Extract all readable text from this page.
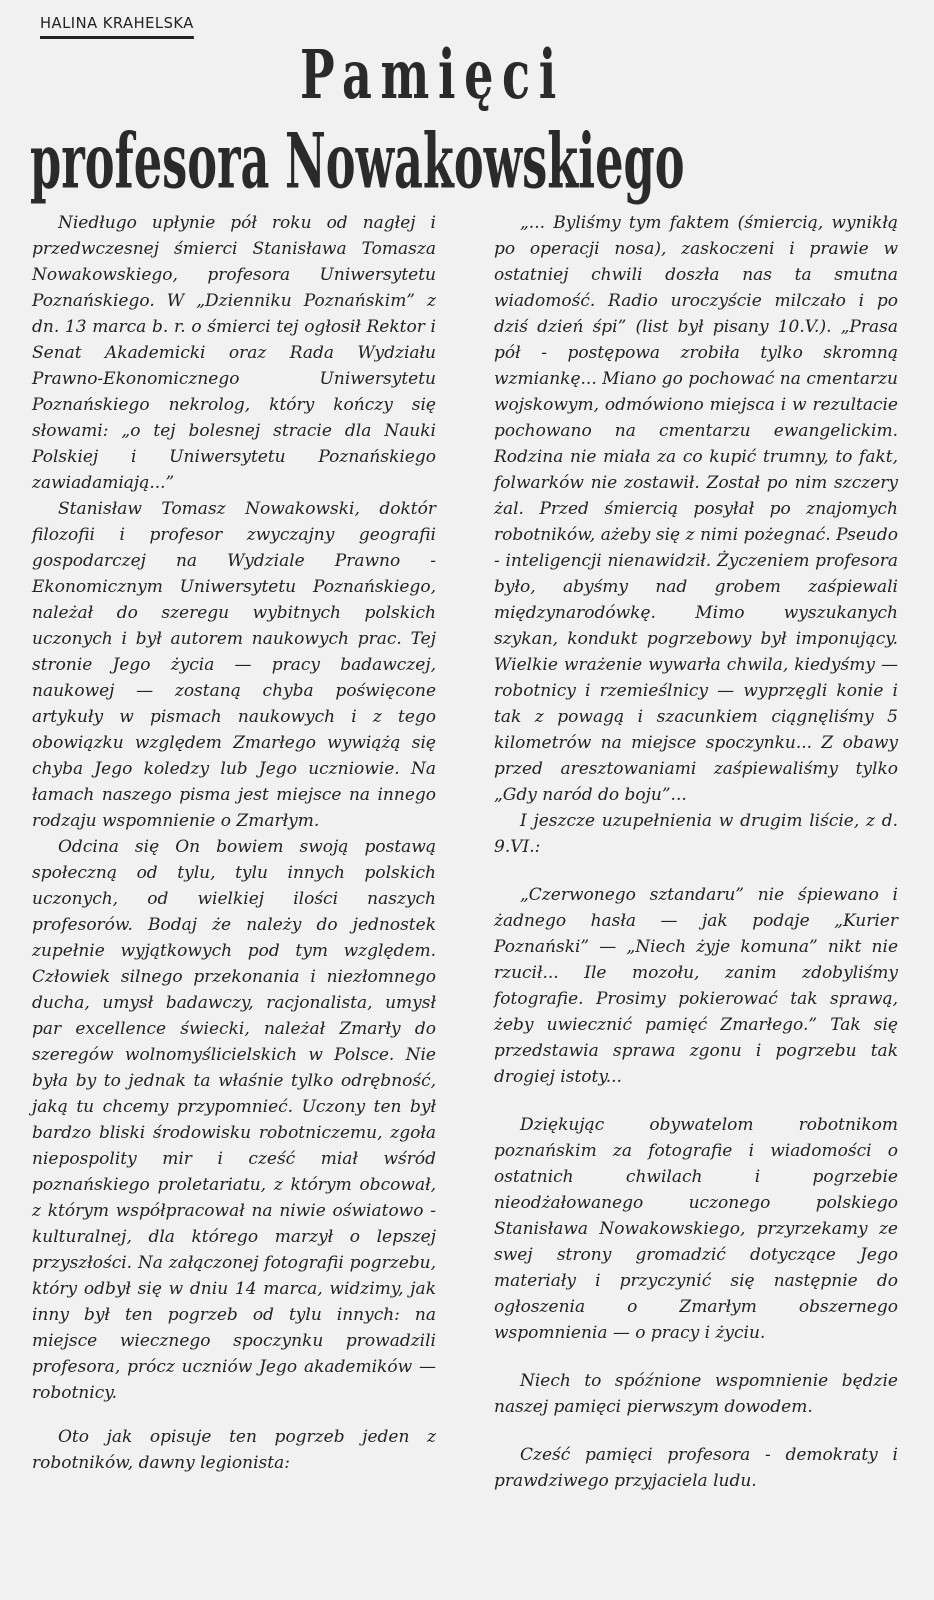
HALINA KRAHELSKA
Pamięci
profesora Nowakowskiego

Niedługo upłynie pół roku od nagłej i przedwczesnej śmierci Stanisława Tomasza Nowakowskiego, profesora Uniwersytetu Poznańskiego. W „Dzienniku Poznańskim” z dn. 13 marca b. r. o śmierci tej ogłosił Rektor i Senat Akademicki oraz Rada Wydziału Prawno-Ekonomicznego Uniwersytetu Poznańskiego nekrolog, który kończy się słowami: „o tej bolesnej stracie dla Nauki Polskiej i Uniwersytetu Poznańskiego zawiadamiają...”

Stanisław Tomasz Nowakowski, doktór filozofii i profesor zwyczajny geografii gospodarczej na Wydziale Prawno - Ekonomicznym Uniwersytetu Poznańskiego, należał do szeregu wybitnych polskich uczonych i był autorem naukowych prac. Tej stronie Jego życia — pracy badawczej, naukowej — zostaną chyba poświęcone artykuły w pismach naukowych i z tego obowiązku względem Zmarłego wywiążą się chyba Jego koledzy lub Jego uczniowie. Na łamach naszego pisma jest miejsce na innego rodzaju wspomnienie o Zmarłym.

Odcina się On bowiem swoją postawą społeczną od tylu, tylu innych polskich uczonych, od wielkiej ilości naszych profesorów. Bodaj że należy do jednostek zupełnie wyjątkowych pod tym względem. Człowiek silnego przekonania i niezłomnego ducha, umysł badawczy, racjonalista, umysł par excellence świecki, należał Zmarły do szeregów wolnomyślicielskich w Polsce. Nie była by to jednak ta właśnie tylko odrębność, jaką tu chcemy przypomnieć. Uczony ten był bardzo bliski środowisku robotniczemu, zgoła niepospolity mir i cześć miał wśród poznańskiego proletariatu, z którym obcował, z którym współpracował na niwie oświatowo - kulturalnej, dla którego marzył o lepszej przyszłości. Na załączonej fotografii pogrzebu, który odbył się w dniu 14 marca, widzimy, jak inny był ten pogrzeb od tylu innych: na miejsce wiecznego spoczynku prowadzili profesora, prócz uczniów Jego akademików — robotnicy.

Oto jak opisuje ten pogrzeb jeden z robotników, dawny legionista:

„... Byliśmy tym faktem (śmiercią, wynikłą po operacji nosa), zaskoczeni i prawie w ostatniej chwili doszła nas ta smutna wiadomość. Radio uroczyście milczało i po dziś dzień śpi” (list był pisany 10.V.). „Prasa pół - postępowa zrobiła tylko skromną wzmiankę... Miano go pochować na cmentarzu wojskowym, odmówiono miejsca i w rezultacie pochowano na cmentarzu ewangelickim. Rodzina nie miała za co kupić trumny, to fakt, folwarków nie zostawił. Został po nim szczery żal. Przed śmiercią posyłał po znajomych robotników, ażeby się z nimi pożegnać. Pseudo - inteligencji nienawidził. Życzeniem profesora było, abyśmy nad grobem zaśpiewali międzynarodówkę. Mimo wyszukanych szykan, kondukt pogrzebowy był imponujący. Wielkie wrażenie wywarła chwila, kiedyśmy — robotnicy i rzemieślnicy — wyprzęgli konie i tak z powagą i szacunkiem ciągnęliśmy 5 kilometrów na miejsce spoczynku... Z obawy przed aresztowaniami zaśpiewaliśmy tylko „Gdy naród do boju”...

I jeszcze uzupełnienia w drugim liście, z d. 9.VI.:

„Czerwonego sztandaru” nie śpiewano i żadnego hasła — jak podaje „Kurier Poznański” — „Niech żyje komuna” nikt nie rzucił... Ile mozołu, zanim zdobyliśmy fotografie. Prosimy pokierować tak sprawą, żeby uwiecznić pamięć Zmarłego.” Tak się przedstawia sprawa zgonu i pogrzebu tak drogiej istoty...

Dziękując obywatelom robotnikom poznańskim za fotografie i wiadomości o ostatnich chwilach i pogrzebie nieodżałowanego uczonego polskiego Stanisława Nowakowskiego, przyrzekamy ze swej strony gromadzić dotyczące Jego materiały i przyczynić się następnie do ogłoszenia o Zmarłym obszernego wspomnienia — o pracy i życiu.

Niech to spóźnione wspomnienie będzie naszej pamięci pierwszym dowodem.

Cześć pamięci profesora - demokraty i prawdziwego przyjaciela ludu.
